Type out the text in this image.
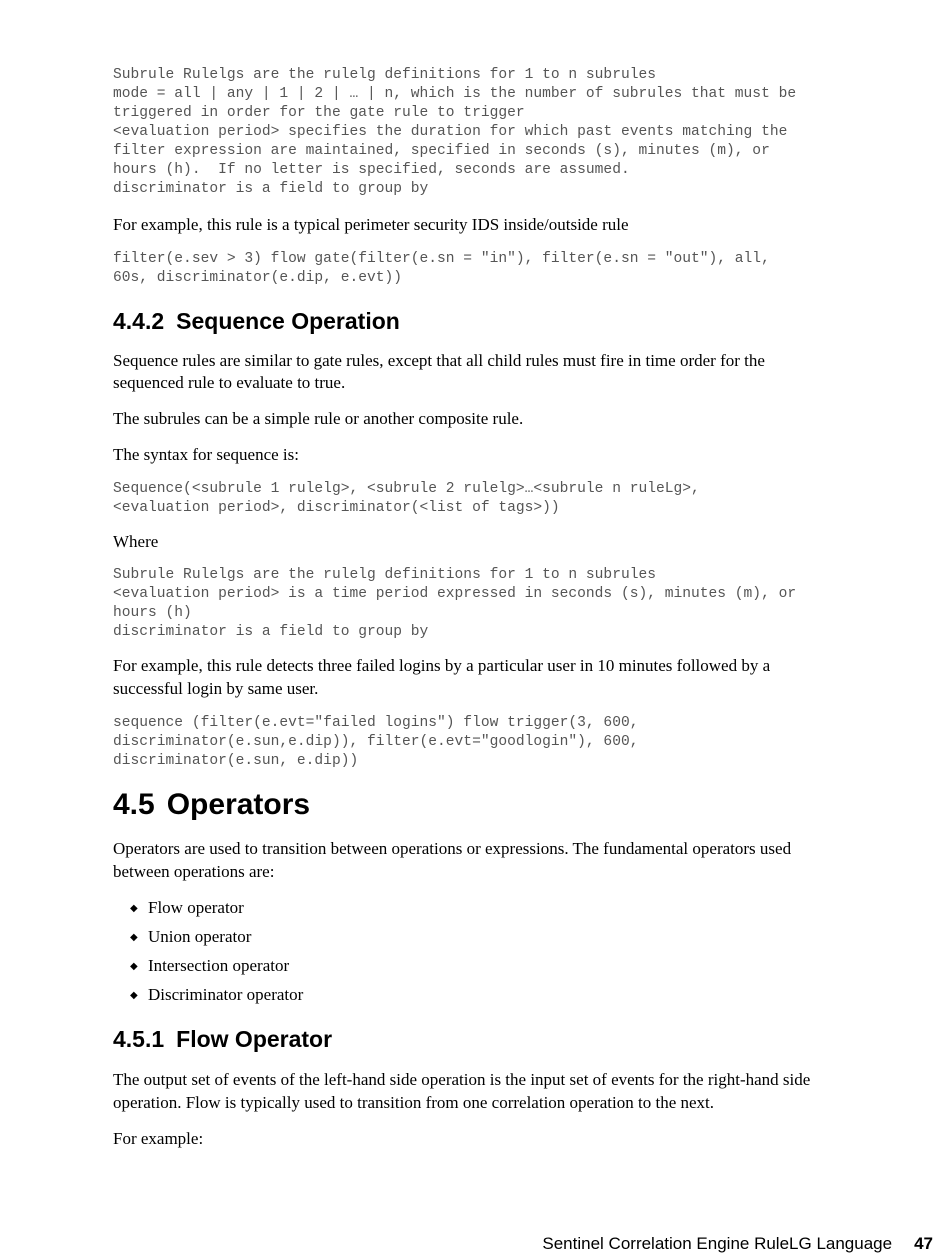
Subrule Rulelgs are the rulelg definitions for 1 to n subrules
mode = all | any | 1 | 2 | … | n, which is the number of subrules that must be
triggered in order for the gate rule to trigger
<evaluation period> specifies the duration for which past events matching the
filter expression are maintained, specified in seconds (s), minutes (m), or
hours (h).  If no letter is specified, seconds are assumed.
discriminator is a field to group by

For example, this rule is a typical perimeter security IDS inside/outside rule

filter(e.sev > 3) flow gate(filter(e.sn = "in"), filter(e.sn = "out"), all,
60s, discriminator(e.dip, e.evt))
4.4.2 Sequence Operation

Sequence rules are similar to gate rules, except that all child rules must fire in time order for the sequenced rule to evaluate to true.

The subrules can be a simple rule or another composite rule.

The syntax for sequence is:

Sequence(<subrule 1 rulelg>, <subrule 2 rulelg>…<subrule n ruleLg>,
<evaluation period>, discriminator(<list of tags>))

Where

Subrule Rulelgs are the rulelg definitions for 1 to n subrules
<evaluation period> is a time period expressed in seconds (s), minutes (m), or
hours (h)
discriminator is a field to group by

For example, this rule detects three failed logins by a particular user in 10 minutes followed by a successful login by same user.

sequence (filter(e.evt="failed logins") flow trigger(3, 600,
discriminator(e.sun,e.dip)), filter(e.evt="goodlogin"), 600,
discriminator(e.sun, e.dip))
4.5 Operators

Operators are used to transition between operations or expressions. The fundamental operators used between operations are:

◆ Flow operator
◆ Union operator
◆ Intersection operator
◆ Discriminator operator
4.5.1 Flow Operator

The output set of events of the left-hand side operation is the input set of events for the right-hand side operation. Flow is typically used to transition from one correlation operation to the next.

For example:

Sentinel Correlation Engine RuleLG Language 47
